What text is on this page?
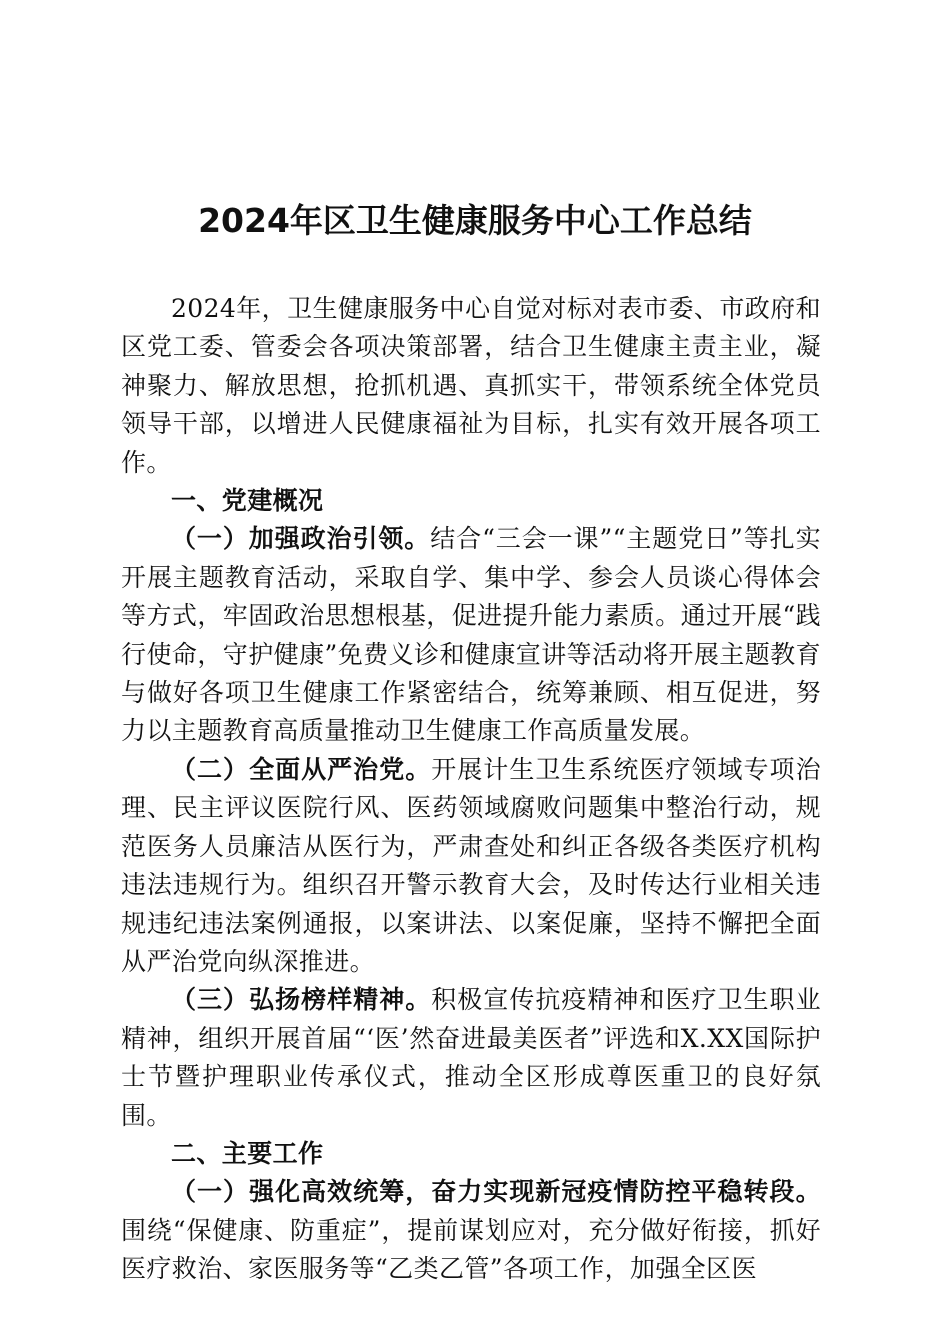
2024年区卫生健康服务中心工作总结

2024年，卫生健康服务中心自觉对标对表市委、市政府和区党工委、管委会各项决策部署，结合卫生健康主责主业，凝神聚力、解放思想，抢抓机遇、真抓实干，带领系统全体党员领导干部，以增进人民健康福祉为目标，扎实有效开展各项工作。

一、党建概况

（一）加强政治引领。结合“三会一课”“主题党日”等扎实开展主题教育活动，采取自学、集中学、参会人员谈心得体会等方式，牢固政治思想根基，促进提升能力素质。通过开展“践行使命，守护健康”免费义诊和健康宣讲等活动将开展主题教育与做好各项卫生健康工作紧密结合，统筹兼顾、相互促进，努力以主题教育高质量推动卫生健康工作高质量发展。

（二）全面从严治党。开展计生卫生系统医疗领域专项治理、民主评议医院行风、医药领域腐败问题集中整治行动，规范医务人员廉洁从医行为，严肃查处和纠正各级各类医疗机构违法违规行为。组织召开警示教育大会，及时传达行业相关违规违纪违法案例通报，以案讲法、以案促廉，坚持不懈把全面从严治党向纵深推进。

（三）弘扬榜样精神。积极宣传抗疫精神和医疗卫生职业精神，组织开展首届“‘医’然奋进最美医者”评选和X.XX国际护士节暨护理职业传承仪式，推动全区形成尊医重卫的良好氛围。

二、主要工作

（一）强化高效统筹，奋力实现新冠疫情防控平稳转段。围绕“保健康、防重症”，提前谋划应对，充分做好衔接，抓好医疗救治、家医服务等“乙类乙管”各项工作，加强全区医
